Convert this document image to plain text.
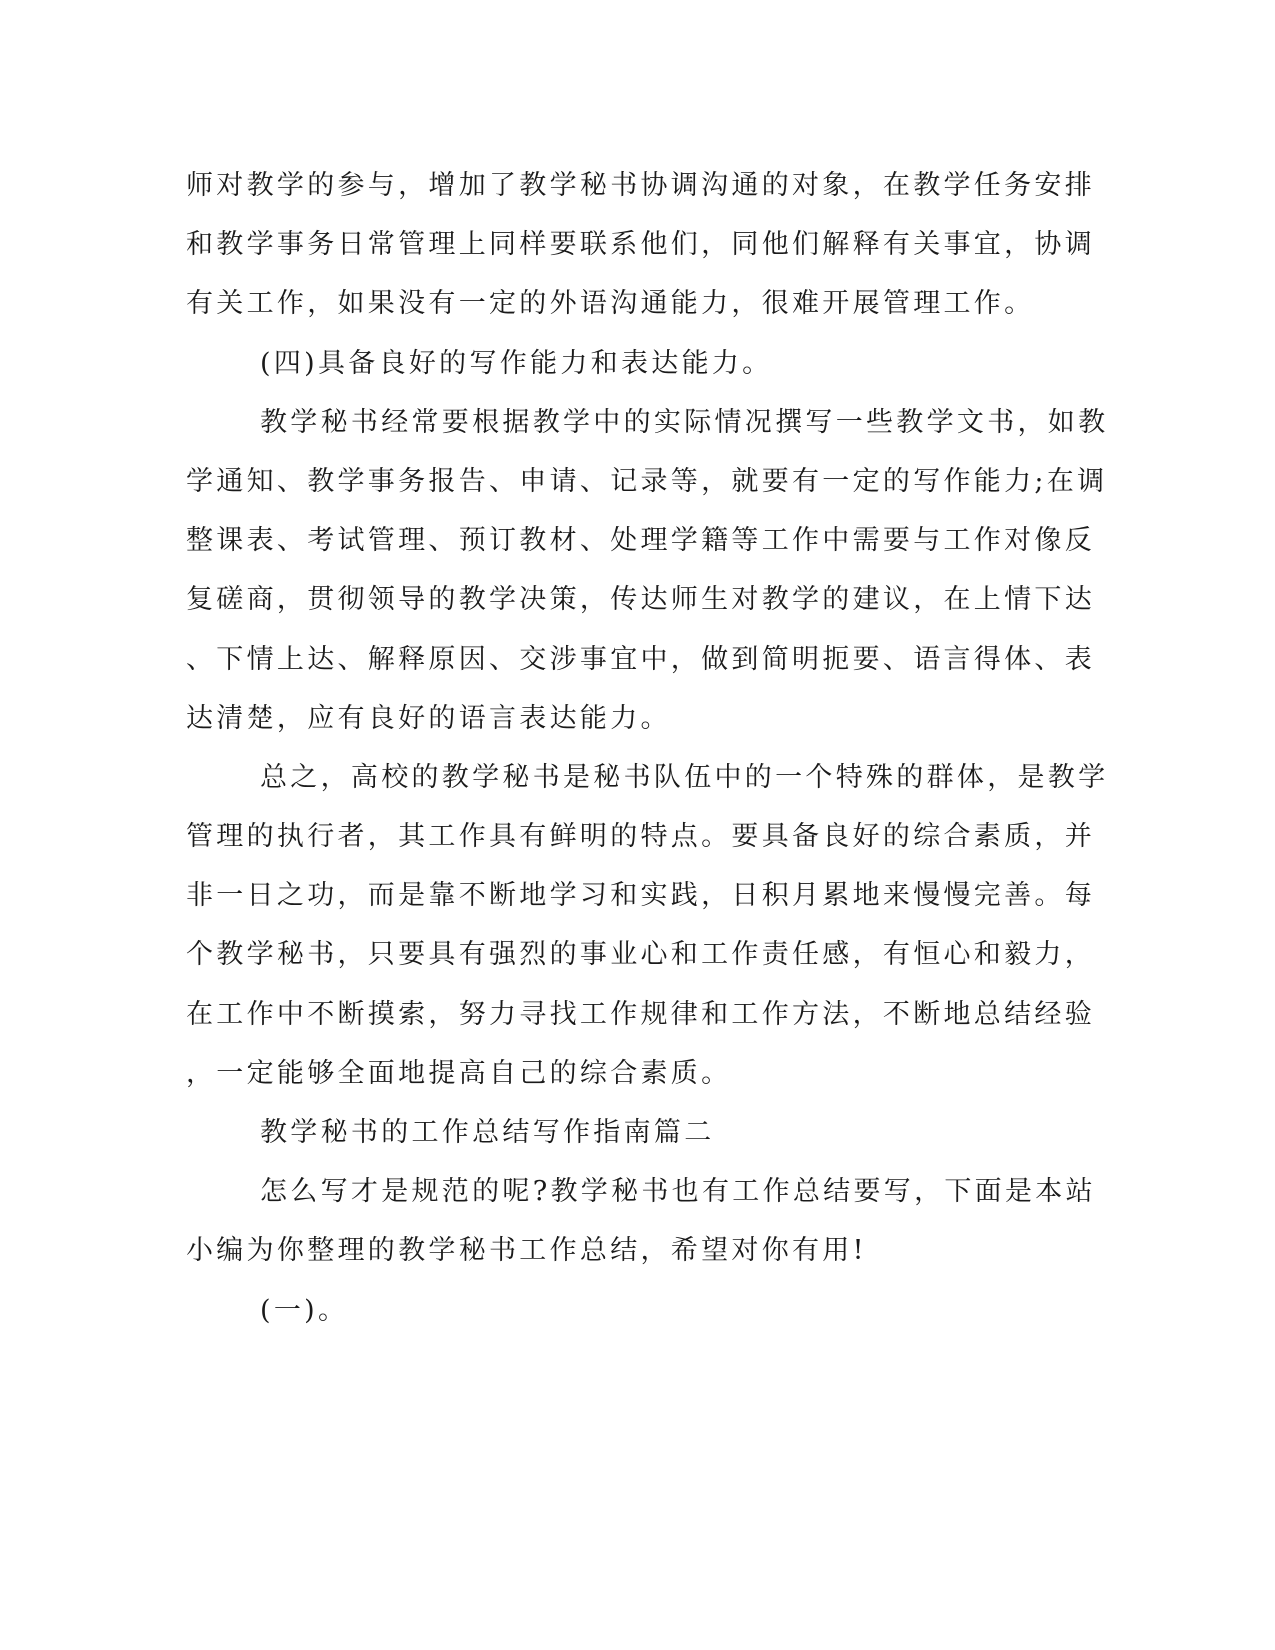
师对教学的参与，增加了教学秘书协调沟通的对象，在教学任务安排
和教学事务日常管理上同样要联系他们，同他们解释有关事宜，协调
有关工作，如果没有一定的外语沟通能力，很难开展管理工作。
(四)具备良好的写作能力和表达能力。
教学秘书经常要根据教学中的实际情况撰写一些教学文书，如教
学通知、教学事务报告、申请、记录等，就要有一定的写作能力;在调
整课表、考试管理、预订教材、处理学籍等工作中需要与工作对像反
复磋商，贯彻领导的教学决策，传达师生对教学的建议，在上情下达
、下情上达、解释原因、交涉事宜中，做到简明扼要、语言得体、表
达清楚，应有良好的语言表达能力。
总之，高校的教学秘书是秘书队伍中的一个特殊的群体，是教学
管理的执行者，其工作具有鲜明的特点。要具备良好的综合素质，并
非一日之功，而是靠不断地学习和实践，日积月累地来慢慢完善。每
个教学秘书，只要具有强烈的事业心和工作责任感，有恒心和毅力，
在工作中不断摸索，努力寻找工作规律和工作方法，不断地总结经验
，一定能够全面地提高自己的综合素质。
教学秘书的工作总结写作指南篇二
怎么写才是规范的呢?教学秘书也有工作总结要写，下面是本站
小编为你整理的教学秘书工作总结，希望对你有用!
(一)。
